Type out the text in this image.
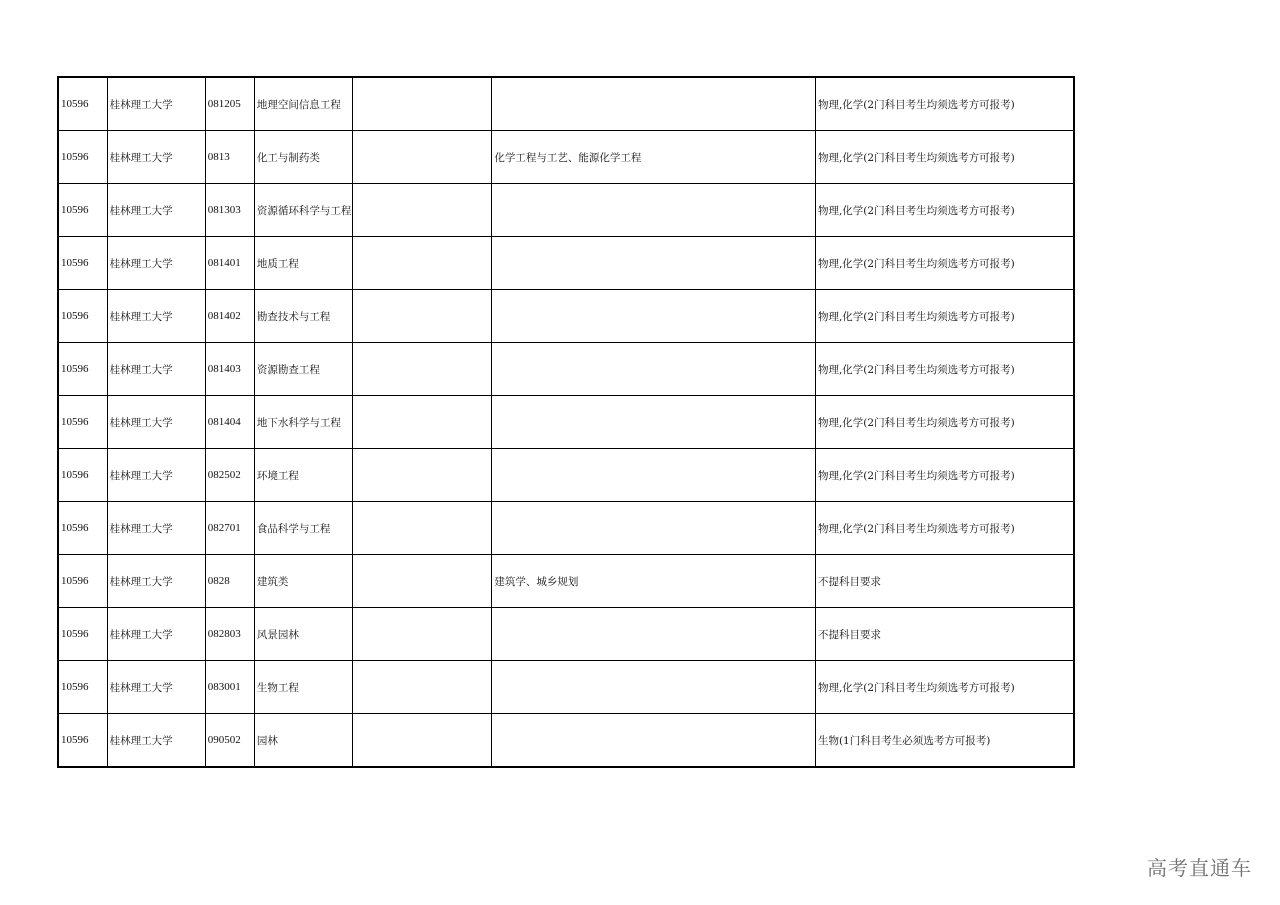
10596	桂林理工大学	081205	地理空间信息工程			物理,化学(2门科目考生均须选考方可报考)
10596	桂林理工大学	0813	化工与制药类		化学工程与工艺、能源化学工程	物理,化学(2门科目考生均须选考方可报考)
10596	桂林理工大学	081303	资源循环科学与工程			物理,化学(2门科目考生均须选考方可报考)
10596	桂林理工大学	081401	地质工程			物理,化学(2门科目考生均须选考方可报考)
10596	桂林理工大学	081402	勘查技术与工程			物理,化学(2门科目考生均须选考方可报考)
10596	桂林理工大学	081403	资源勘查工程			物理,化学(2门科目考生均须选考方可报考)
10596	桂林理工大学	081404	地下水科学与工程			物理,化学(2门科目考生均须选考方可报考)
10596	桂林理工大学	082502	环境工程			物理,化学(2门科目考生均须选考方可报考)
10596	桂林理工大学	082701	食品科学与工程			物理,化学(2门科目考生均须选考方可报考)
10596	桂林理工大学	0828	建筑类		建筑学、城乡规划	不提科目要求
10596	桂林理工大学	082803	风景园林			不提科目要求
10596	桂林理工大学	083001	生物工程			物理,化学(2门科目考生均须选考方可报考)
10596	桂林理工大学	090502	园林			生物(1门科目考生必须选考方可报考)
高考直通车
